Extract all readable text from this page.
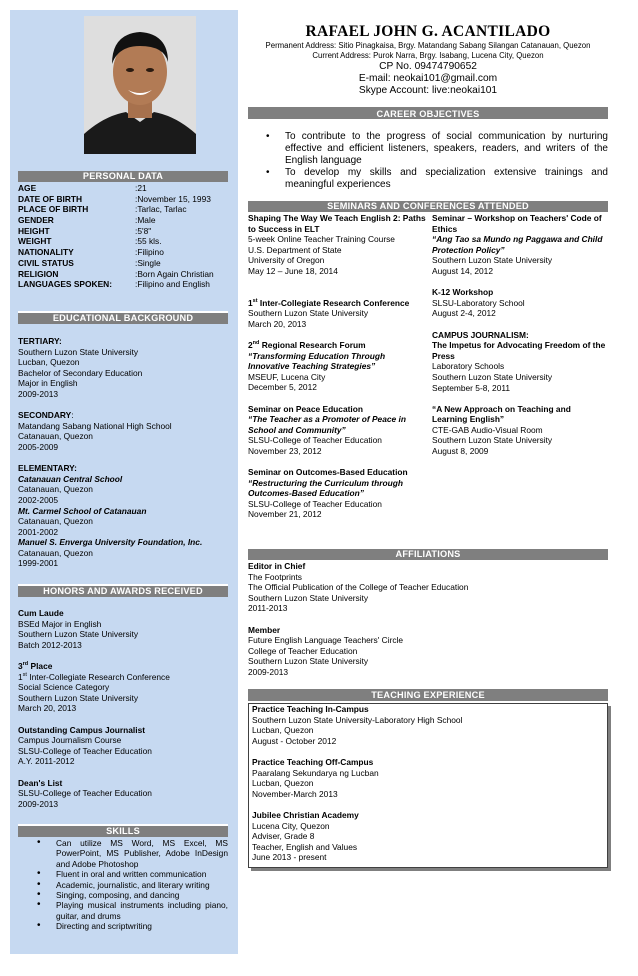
PERSONAL DATA
AGE	:21
DATE OF BIRTH	:November 15, 1993
PLACE OF BIRTH	:Tarlac, Tarlac
GENDER	:Male
HEIGHT	:5'8"
WEIGHT	:55 kls.
NATIONALITY	:Filipino
CIVIL STATUS	:Single
RELIGION	:Born Again Christian
LANGUAGES SPOKEN:	:Filipino and English
EDUCATIONAL BACKGROUND
TERTIARY:
Southern Luzon State University
Lucban, Quezon
Bachelor of Secondary Education
Major in English
2009-2013
SECONDARY:
Matandang Sabang National High School
Catanauan, Quezon
2005-2009
ELEMENTARY:
Catanauan Central School
Catanauan, Quezon
2002-2005
Mt. Carmel School of Catanauan
Catanauan, Quezon
2001-2002
Manuel S. Enverga University Foundation, Inc.
Catanauan, Quezon
1999-2001
HONORS AND AWARDS RECEIVED
Cum Laude
BSEd Major in English
Southern Luzon State University
Batch 2012-2013
3rd Place
1st Inter-Collegiate Research Conference
Social Science Category
Southern Luzon State University
March 20, 2013
Outstanding Campus Journalist
Campus Journalism Course
SLSU-College of Teacher Education
A.Y. 2011-2012
Dean's List
SLSU-College of Teacher Education
2009-2013
SKILLS
• Can utilize MS Word, MS Excel, MS PowerPoint, MS Publisher, Adobe InDesign and Adobe Photoshop
• Fluent in oral and written communication
• Academic, journalistic, and literary writing
• Singing, composing, and dancing
• Playing musical instruments including piano, guitar, and drums
• Directing and scriptwriting
RAFAEL JOHN G. ACANTILADO
Permanent Address: Sitio Pinagkaisa, Brgy. Matandang Sabang Silangan Catanauan, Quezon
Current Address: Purok Narra, Brgy. Isabang, Lucena City, Quezon
CP No. 09474790652
E-mail: neokai101@gmail.com
Skype Account: live:neokai101
CAREER OBJECTIVES
• To contribute to the progress of social communication by nurturing effective and efficient listeners, speakers, readers, and writers of the English language
• To develop my skills and specialization extensive trainings and meaningful experiences
SEMINARS AND CONFERENCES ATTENDED
Shaping The Way We Teach English 2: Paths to Success in ELT
5-week Online Teacher Training Course
U.S. Department of State
University of Oregon
May 12 – June 18, 2014
1st Inter-Collegiate Research Conference
Southern Luzon State University
March 20, 2013
2nd Regional Research Forum
“Transforming Education Through Innovative Teaching Strategies”
MSEUF, Lucena City
December 5, 2012
Seminar on Peace Education
“The Teacher as a Promoter of Peace in School and Community”
SLSU-College of Teacher Education
November 23, 2012
Seminar on Outcomes-Based Education
“Restructuring the Curriculum through Outcomes-Based Education”
SLSU-College of Teacher Education
November 21, 2012
Seminar – Workshop on Teachers' Code of Ethics
“Ang Tao sa Mundo ng Paggawa and Child Protection Policy”
Southern Luzon State University
August 14, 2012
K-12 Workshop
SLSU-Laboratory School
August 2-4, 2012
CAMPUS JOURNALISM:
The Impetus for Advocating Freedom of the Press
Laboratory Schools
Southern Luzon State University
September 5-8, 2011
“A New Approach on Teaching and Learning English”
CTE-GAB Audio-Visual Room
Southern Luzon State University
August 8, 2009
AFFILIATIONS
Editor in Chief
The Footprints
The Official Publication of the College of Teacher Education
Southern Luzon State University
2011-2013
Member
Future English Language Teachers' Circle
College of Teacher Education
Southern Luzon State University
2009-2013
TEACHING EXPERIENCE
Practice Teaching In-Campus
Southern Luzon State University-Laboratory High School
Lucban, Quezon
August - October 2012
Practice Teaching Off-Campus
Paaralang Sekundarya ng Lucban
Lucban, Quezon
November-March 2013
Jubilee Christian Academy
Lucena City, Quezon
Adviser, Grade 8
Teacher, English and Values
June 2013 - present
